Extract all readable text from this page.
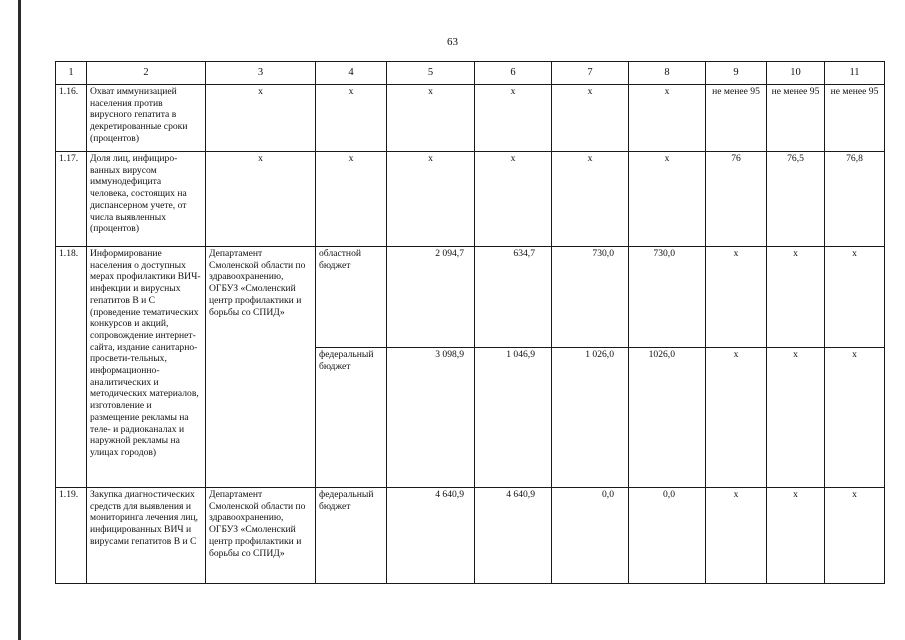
63
1	2	3	4	5	6	7	8	9	10	11
1.16.	Охват иммунизацией населения против вирусного гепатита в декретированные сроки (процентов)	х	х	х	х	х	х	не менее 95	не менее 95	не менее 95
1.17.	Доля лиц, инфициро-ванных вирусом иммунодефицита человека, состоящих на диспансерном учете, от числа выявленных (процентов)	х	х	х	х	х	х	76	76,5	76,8
1.18.	Информирование населения о доступных мерах профилактики ВИЧ-инфекции и вирусных гепатитов В и С (проведение тематических конкурсов и акций, сопровождение интернет-сайта, издание санитарно-просвети-тельных, информационно-аналитических и методических материалов, изготовление и размещение рекламы на теле- и радиоканалах и наружной рекламы на улицах городов)	Департамент Смоленской области по здравоохранению, ОГБУЗ «Смоленский центр профилактики и борьбы со СПИД»	областной бюджет	2 094,7	634,7	730,0	730,0	х	х	х
			федеральный бюджет	3 098,9	1 046,9	1 026,0	1026,0	х	х	х
1.19.	Закупка диагностических средств для выявления и мониторинга лечения лиц, инфицированных ВИЧ и вирусами гепатитов В и С	Департамент Смоленской области по здравоохранению, ОГБУЗ «Смоленский центр профилактики и борьбы со СПИД»	федеральный бюджет	4 640,9	4 640,9	0,0	0,0	х	х	х
